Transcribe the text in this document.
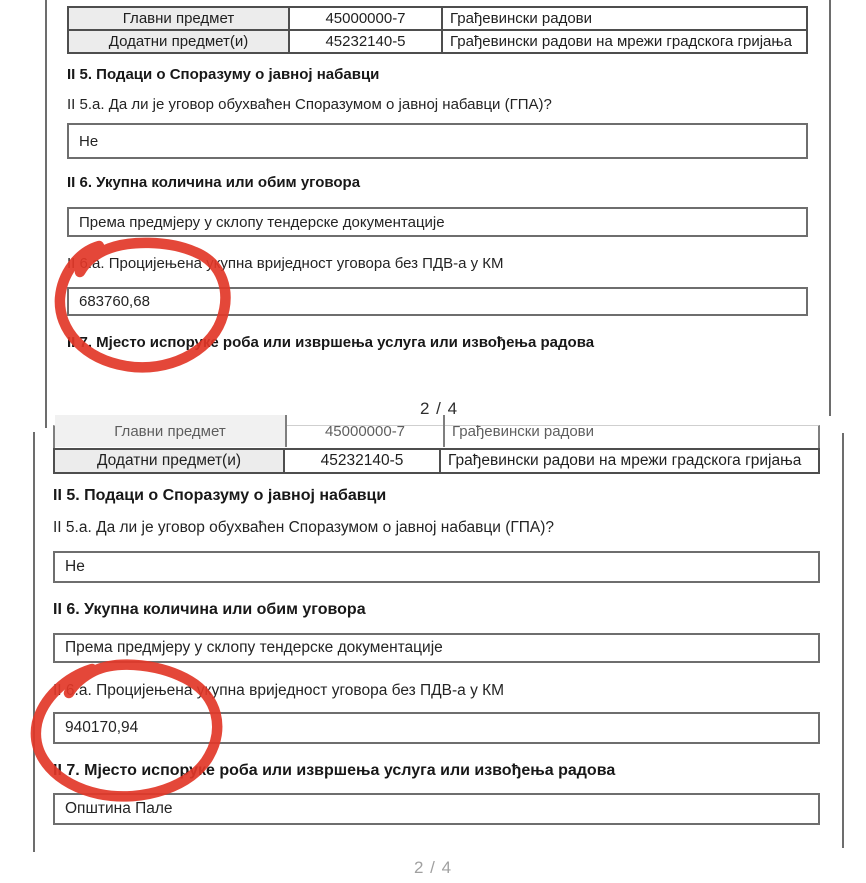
Главни предмет	45000000-7	Грађевински радови
Додатни предмет(и)	45232140-5	Грађевински радови на мрежи градскога гријања
II 5. Подаци о Споразуму о јавној набавци
II 5.а. Да ли је уговор обухваћен Споразумом о јавној набавци (ГПА)?
Не
II 6. Укупна количина или обим уговора
Према предмјеру у склопу тендерске документације
II 6.а. Процијењена укупна вриједност уговора без ПДВ-а у КМ
683760,68
II 7. Мјесто испоруке роба или извршења услуга или извођења радова
2 / 4
Главни предмет	45000000-7	Грађевински радови
Додатни предмет(и)	45232140-5	Грађевински радови на мрежи градскога гријања
II 5. Подаци о Споразуму о јавној набавци
II 5.а. Да ли је уговор обухваћен Споразумом о јавној набавци (ГПА)?
Не
II 6. Укупна количина или обим уговора
Према предмјеру у склопу тендерске документације
II 6.а. Процијењена укупна вриједност уговора без ПДВ-а у КМ
940170,94
II 7. Мјесто испоруке роба или извршења услуга или извођења радова
Општина Пале
2 / 4
